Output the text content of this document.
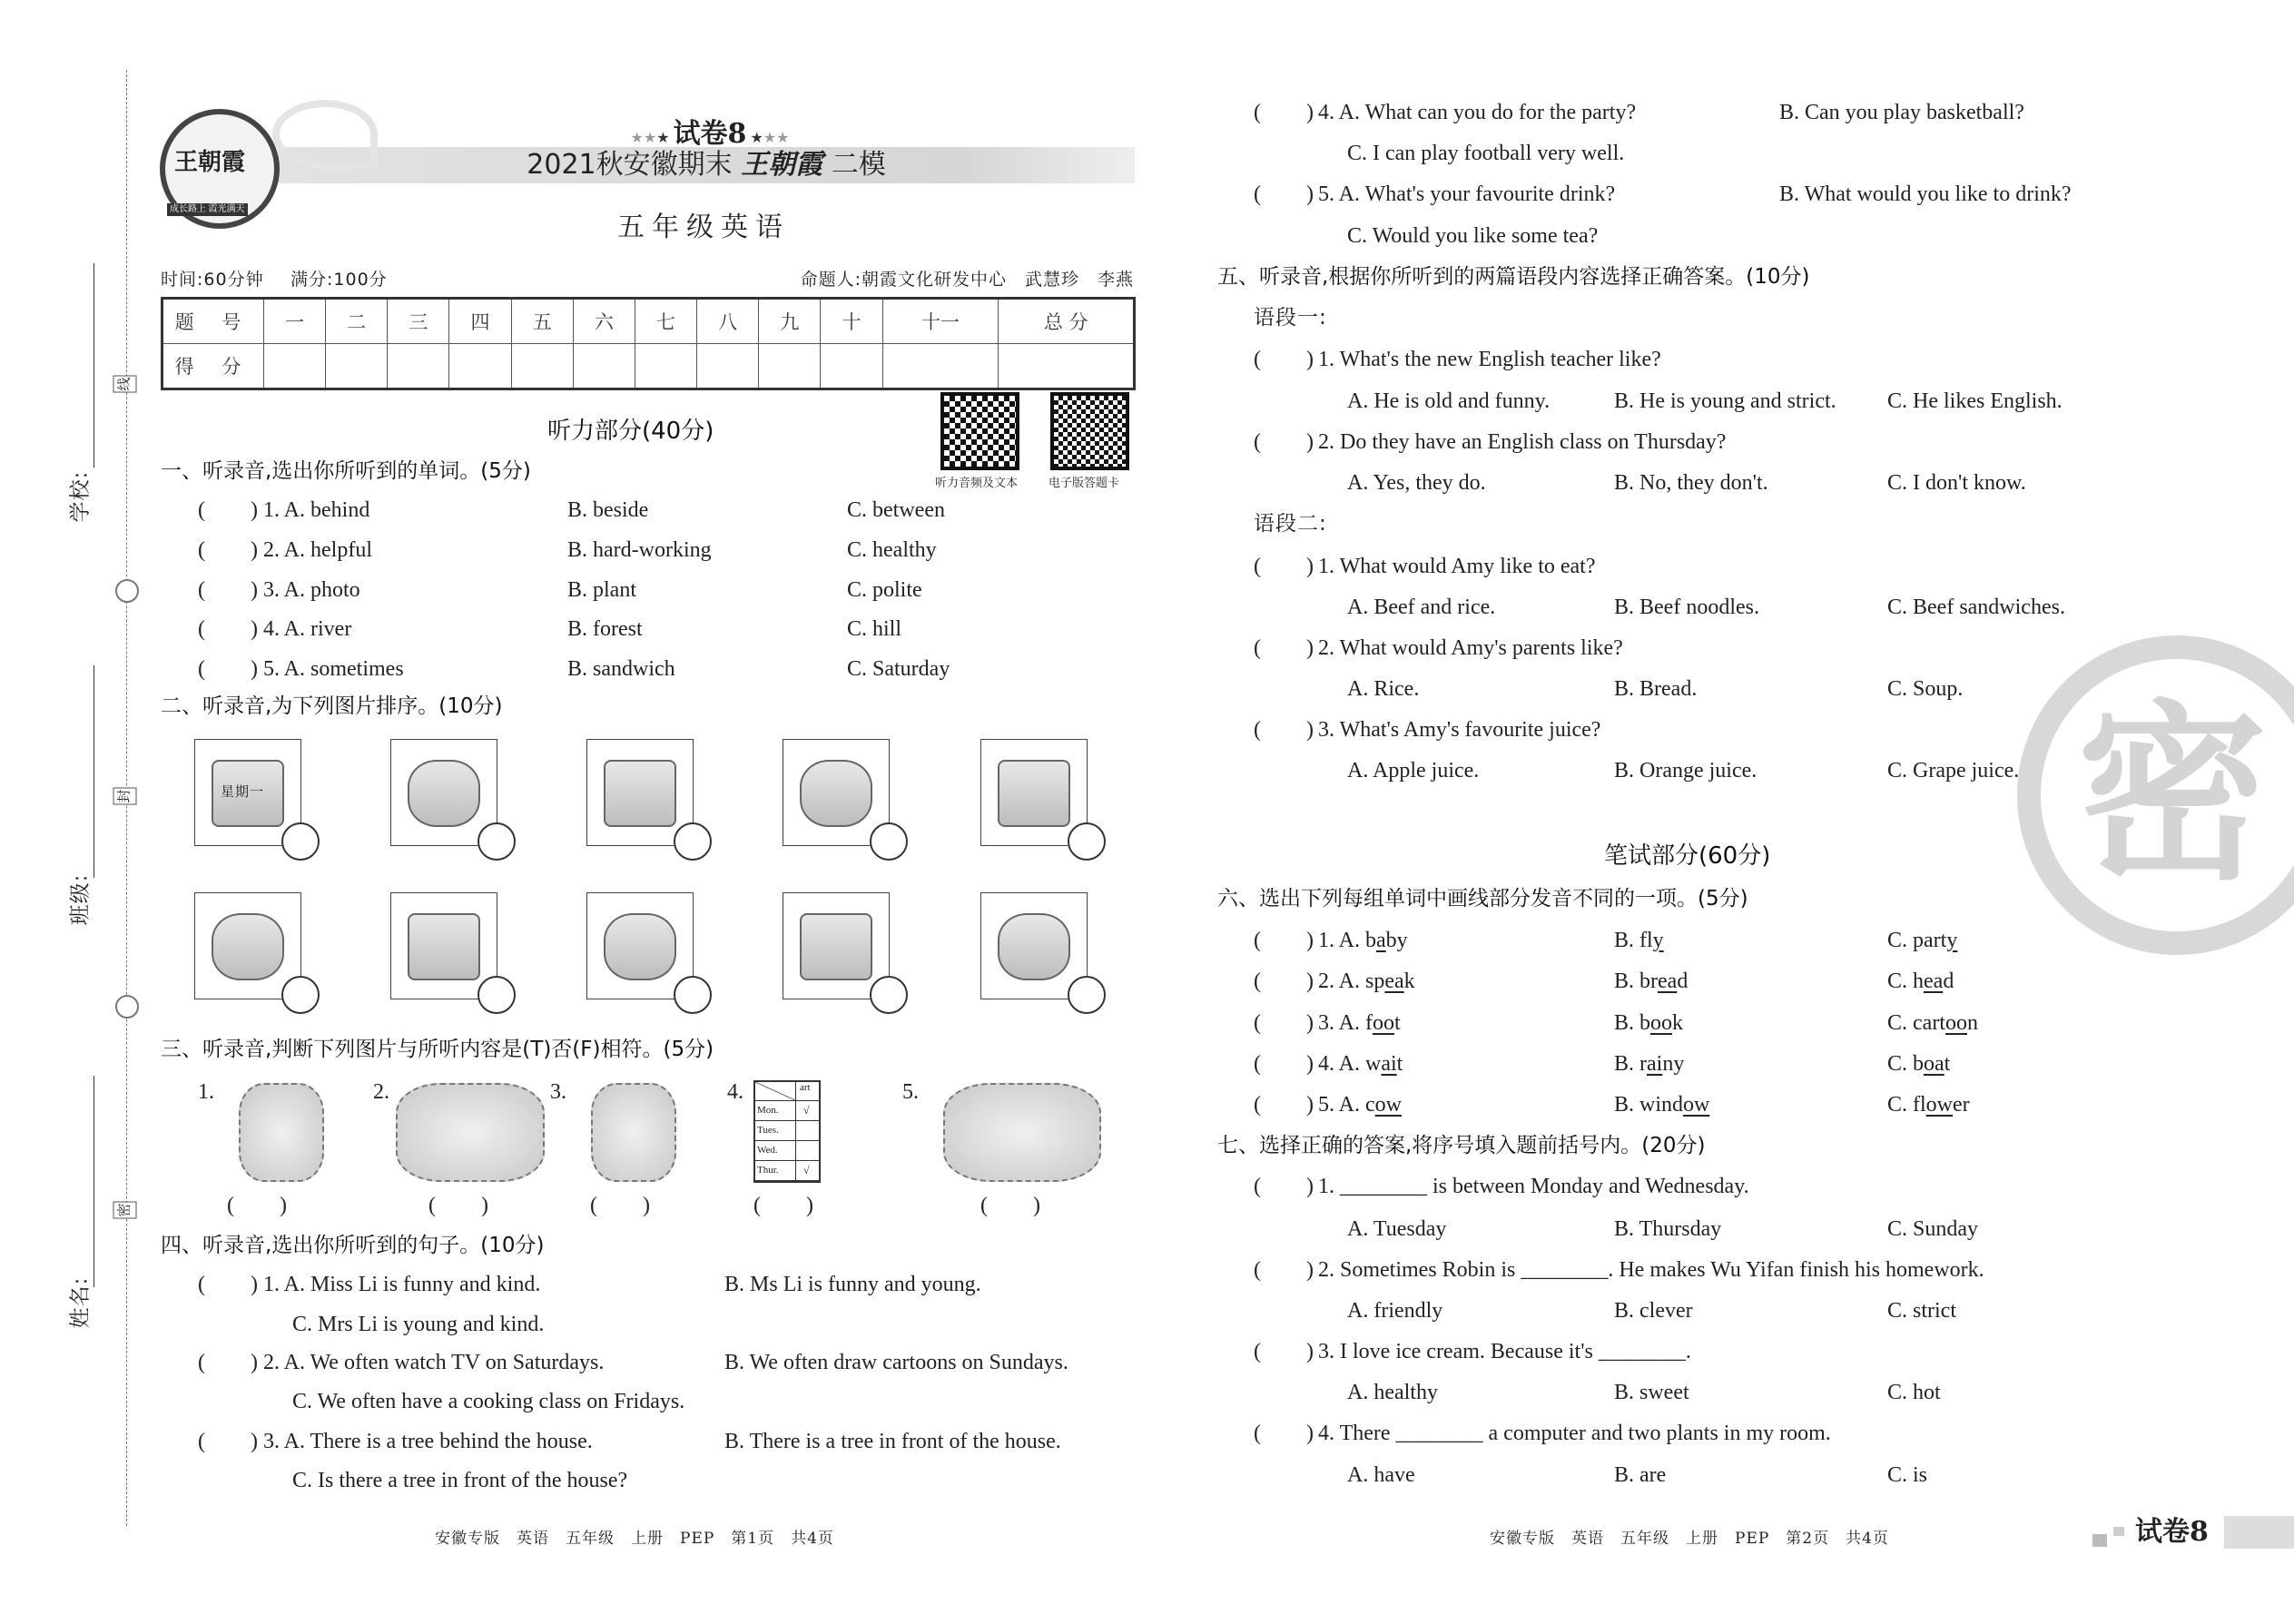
学校:
班级:
姓名:
线
封
密
王朝霞
成长路上 霞光满天
★★★ 试卷8 ★★★
2021秋安徽期末 王朝霞 二模
五年级英语
时间:60分钟 满分:100分	命题人:朝霞文化研发中心　武慧珍　李燕
题 号	一	二	三	四	五	六	七	八	九	十	十一	总 分
得 分												
听力部分(40分)
听力音频及文本	电子版答题卡
一、听录音,选出你所听到的单词。(5分)
二、听录音,为下列图片排序。(10分)
三、听录音,判断下列图片与所听内容是(T)否(F)相符。(5分)
四、听录音,选出你所听到的句子。(10分)
安徽专版　英语　五年级　上册　PEP　第1页　共4页
密
五、听录音,根据你所听到的两篇语段内容选择正确答案。(10分)
语段一:
语段二:
笔试部分(60分)
六、选出下列每组单词中画线部分发音不同的一项。(5分)
七、选择正确的答案,将序号填入题前括号内。(20分)
安徽专版　英语　五年级　上册　PEP　第2页　共4页	试卷8
( )
1. A. behind	B. beside	C. between
( )
2. A. helpful	B. hard-working	C. healthy
( )
3. A. photo	B. plant	C. polite
( )
4. A. river	B. forest	C. hill
( )
5. A. sometimes	B. sandwich	C. Saturday
星期一
1.
( )	2.
( )	3.
( )	4.
( )	5.
( )
art
Mon.	√
Tues.
Wed.
Thur.	√
( )
1. A. Miss Li is funny and kind.	B. Ms Li is funny and young.
C. Mrs Li is young and kind.
( )
2. A. We often watch TV on Saturdays.	B. We often draw cartoons on Sundays.
C. We often have a cooking class on Fridays.
( )
3. A. There is a tree behind the house.	B. There is a tree in front of the house.
C. Is there a tree in front of the house?
( )
4. A. What can you do for the party?	B. Can you play basketball?
C. I can play football very well.
( )
5. A. What's your favourite drink?	B. What would you like to drink?
C. Would you like some tea?
( )
1. What's the new English teacher like?
A. He is old and funny.	B. He is young and strict. C. He likes English.
( )
2. Do they have an English class on Thursday?
A. Yes, they do.	B. No, they don't.	C. I don't know.
( )
1. What would Amy like to eat?
A. Beef and rice.	B. Beef noodles.	C. Beef sandwiches.
( )
2. What would Amy's parents like?
A. Rice.	B. Bread.	C. Soup.
( )
3. What's Amy's favourite juice?
A. Apple juice.	B. Orange juice.	C. Grape juice.
( )
1. A. baby	B. fly	C. party
( )
2. A. speak	B. bread	C. head
( )
3. A. foot	B. book	C. cartoon
( )
4. A. wait	B. rainy	C. boat
( )
5. A. cow	B. window	C. flower
( )
1. ________ is between Monday and Wednesday.
A. Tuesday	B. Thursday	C. Sunday
( )
2. Sometimes Robin is ________. He makes Wu Yifan finish his homework.
A. friendly	B. clever	C. strict
( )
3. I love ice cream. Because it's ________.
A. healthy	B. sweet	C. hot
( )
4. There ________ a computer and two plants in my room.
A. have	B. are	C. is
